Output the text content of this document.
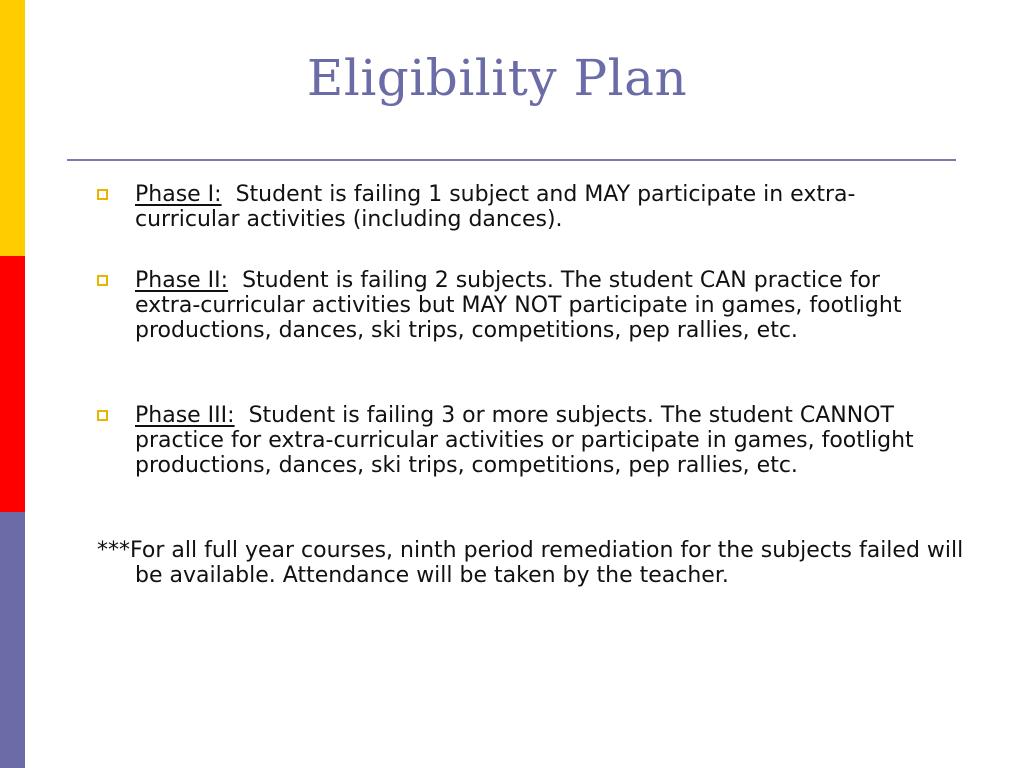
Eligibility Plan
Phase I: Student is failing 1 subject and MAY participate in extra-curricular activities (including dances).
Phase II: Student is failing 2 subjects. The student CAN practice for extra-curricular activities but MAY NOT participate in games, footlight productions, dances, ski trips, competitions, pep rallies, etc.
Phase III: Student is failing 3 or more subjects. The student CANNOT practice for extra-curricular activities or participate in games, footlight productions, dances, ski trips, competitions, pep rallies, etc.
***For all full year courses, ninth period remediation for the subjects failed will be available. Attendance will be taken by the teacher.
